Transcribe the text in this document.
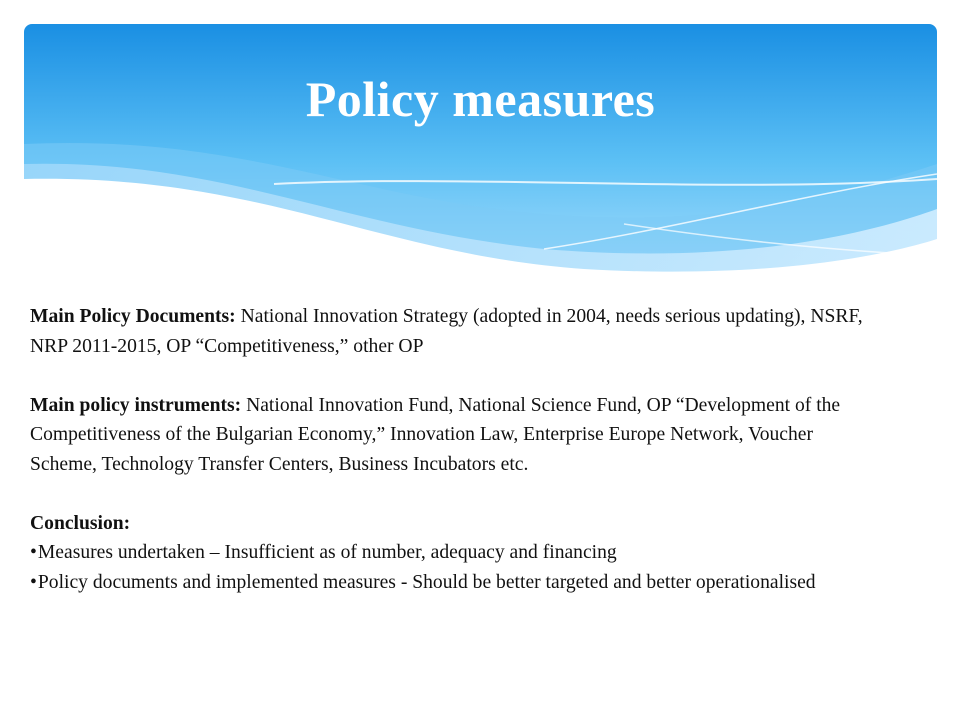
Policy measures

Main Policy Documents: National Innovation Strategy (adopted in 2004, needs serious updating), NSRF, NRP 2011-2015, OP “Competitiveness,” other OP

Main policy instruments: National Innovation Fund, National Science Fund, OP “Development of the Competitiveness of the Bulgarian Economy,” Innovation Law, Enterprise Europe Network, Voucher Scheme, Technology Transfer Centers, Business Incubators etc.

Conclusion:
•Measures undertaken – Insufficient as of number, adequacy and financing
•Policy documents and implemented measures - Should be better targeted and better operationalised
